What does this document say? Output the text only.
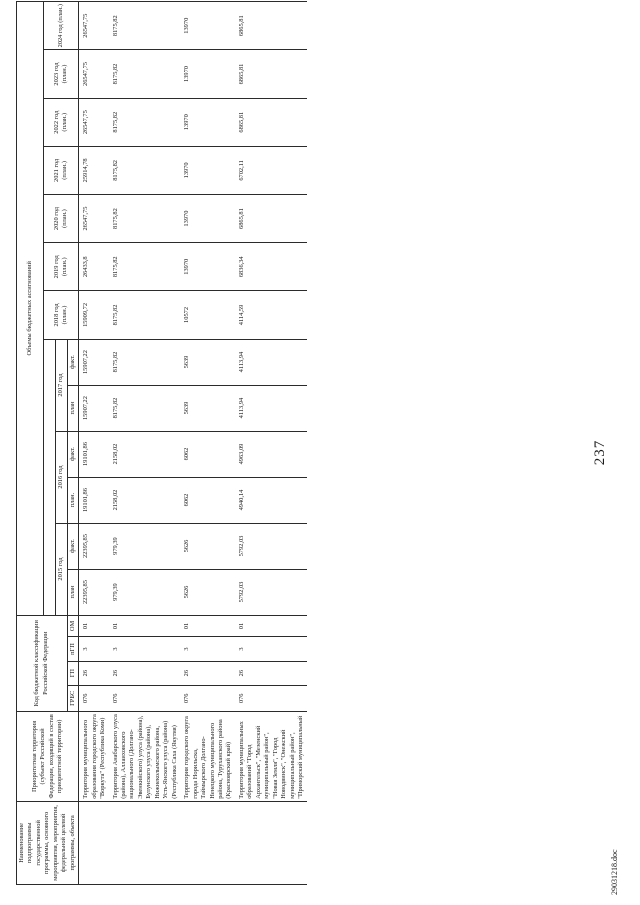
237
29031218.doc
Наименование подпрограммы государственной программы, основного мероприятия, мероприятия, федеральной целевой программы, объекта	Приоритетная территория (субъект Российской Федерации, входящий в состав приоритетной территории)	Код бюджетной классификации Российской Федерации				Объемы бюджетных ассигнований												
												2018 год (план.)	2019 год (план.)	2020 год (план.)	2021 год (план.)	2022 год (план.)	2023 год (план.)	2024 год (план.)
						2015 год		2016 год		2017 год								
		ГРБС	ГП	пГП	ОМ	план	факт.	план.	факт.	план	факт.							
	Территория муниципального образования городского округа "Воркута" (Республика Коми)	076	26	3	01	22395,85	22395,85	19101,86	19101,86	15907,22	15907,22	15909,72	26433,8	26547,75	25914,78	26547,75	26547,75	26547,75
	Территория Анабарского улуса (района), Аллаиховского национального (Долгано-Эвенкийского) улуса (района), Булунского улуса (района), Нижнеколымского района, Усть-Янского улуса (района) (Республика Саха (Якутия)	076	26	3	01	979,39	979,39	2158,02	2158,02	8175,82	8175,82	8175,82	8175,82	8175,82	8175,82	8175,82	8175,82	8175,82
	Территория городского округа города Норильска, Таймырского Долгано-Ненецкого муниципального района, Туруханского района (Красноярский край)	076	26	3	01	5626	5626	6062	6062	5639	5639	10572	13970	13970	13970	13970	13970	13970
	Территория муниципальных образований "Город Архангельск", "Мезенский муниципальный район", "Новая Земля", "Город Новодвинск", "Онежский муниципальный район", "Приморский муниципальный	076	26	3	01	5792,03	5792,03	4940,14	4963,09	4113,94	4113,94	4114,59	6836,34	6865,81	6702,11	6865,81	6865,81	6865,81
